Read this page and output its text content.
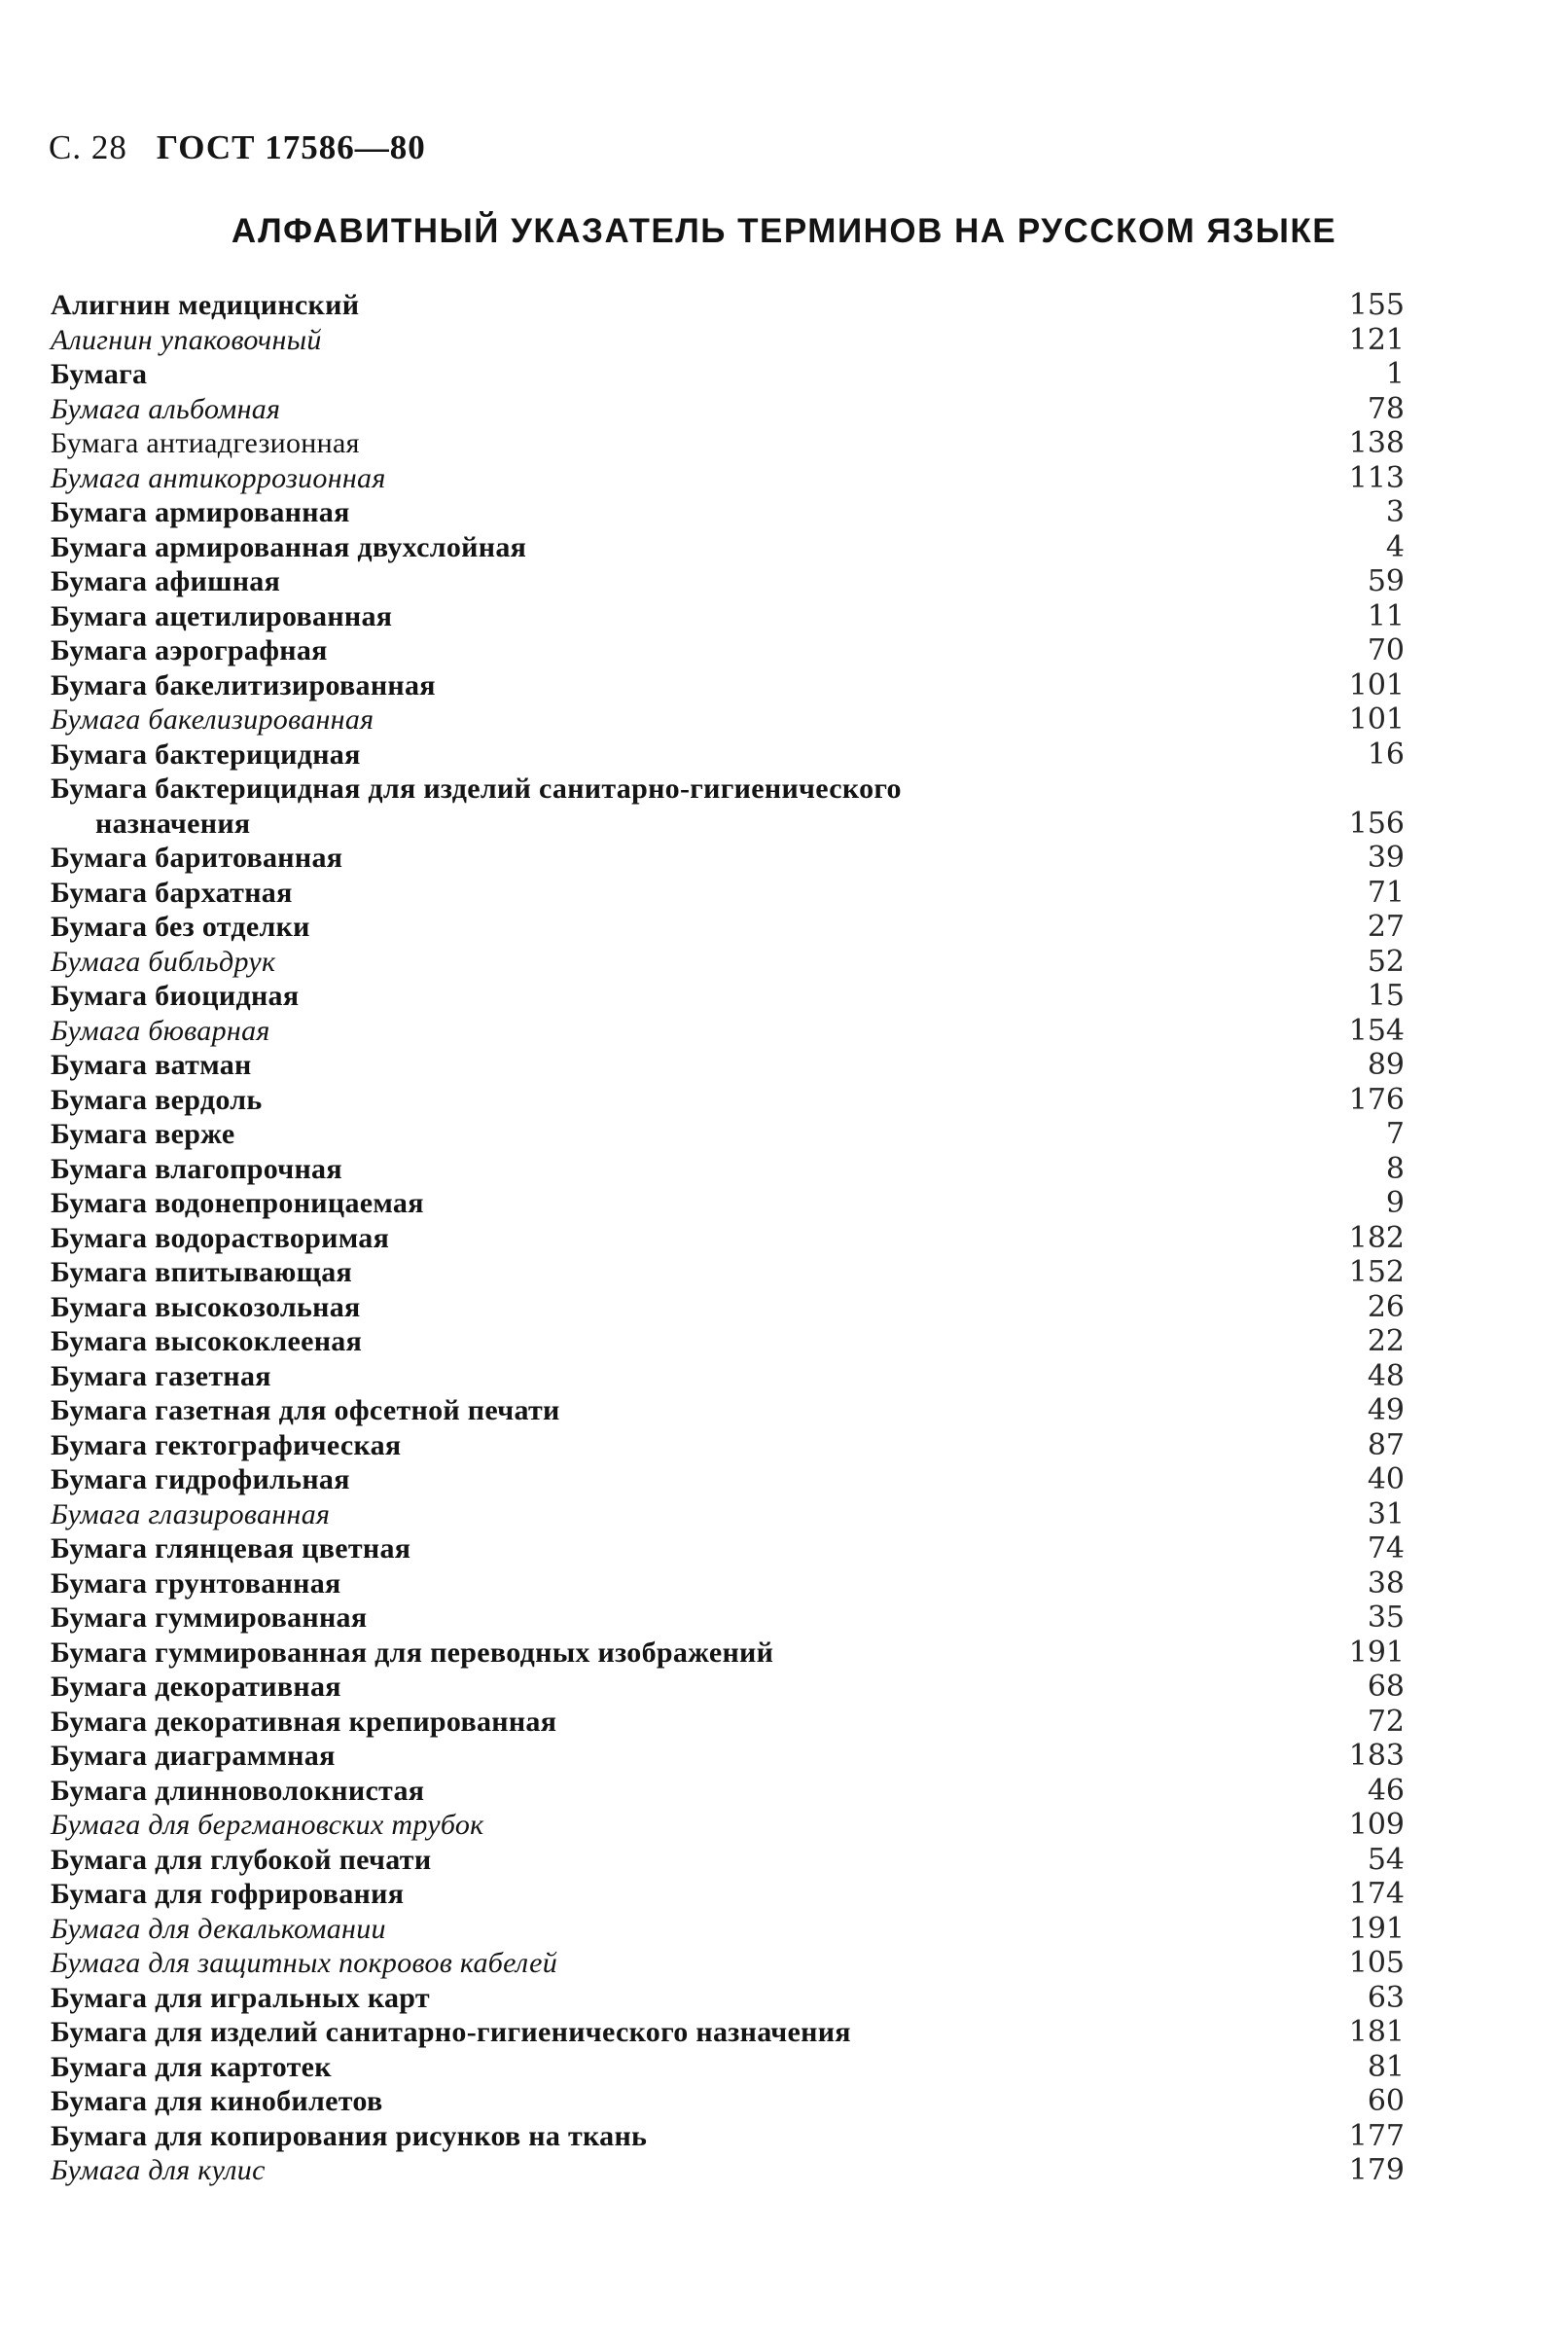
С. 28 ГОСТ 17586—80
АЛФАВИТНЫЙ УКАЗАТЕЛЬ ТЕРМИНОВ НА РУССКОМ ЯЗЫКЕ
Алигнин медицинский	155
Алигнин упаковочный	121
Бумага	1
Бумага альбомная	78
Бумага антиадгезионная	138
Бумага антикоррозионная	113
Бумага армированная	3
Бумага армированная двухслойная	4
Бумага афишная	59
Бумага ацетилированная	11
Бумага аэрографная	70
Бумага бакелитизированная	101
Бумага бакелизированная	101
Бумага бактерицидная	16
Бумага бактерицидная для изделий санитарно-гигиенического
назначения	156
Бумага баритованная	39
Бумага бархатная	71
Бумага без отделки	27
Бумага библьдрук	52
Бумага биоцидная	15
Бумага бюварная	154
Бумага ватман	89
Бумага вердоль	176
Бумага верже	7
Бумага влагопрочная	8
Бумага водонепроницаемая	9
Бумага водорастворимая	182
Бумага впитывающая	152
Бумага высокозольная	26
Бумага высококлееная	22
Бумага газетная	48
Бумага газетная для офсетной печати	49
Бумага гектографическая	87
Бумага гидрофильная	40
Бумага глазированная	31
Бумага глянцевая цветная	74
Бумага грунтованная	38
Бумага гуммированная	35
Бумага гуммированная для переводных изображений	191
Бумага декоративная	68
Бумага декоративная крепированная	72
Бумага диаграммная	183
Бумага длинноволокнистая	46
Бумага для бергмановских трубок	109
Бумага для глубокой печати	54
Бумага для гофрирования	174
Бумага для декалькомании	191
Бумага для защитных покровов кабелей	105
Бумага для игральных карт	63
Бумага для изделий санитарно-гигиенического назначения	181
Бумага для картотек	81
Бумага для кинобилетов	60
Бумага для копирования рисунков на ткань	177
Бумага для кулис	179
